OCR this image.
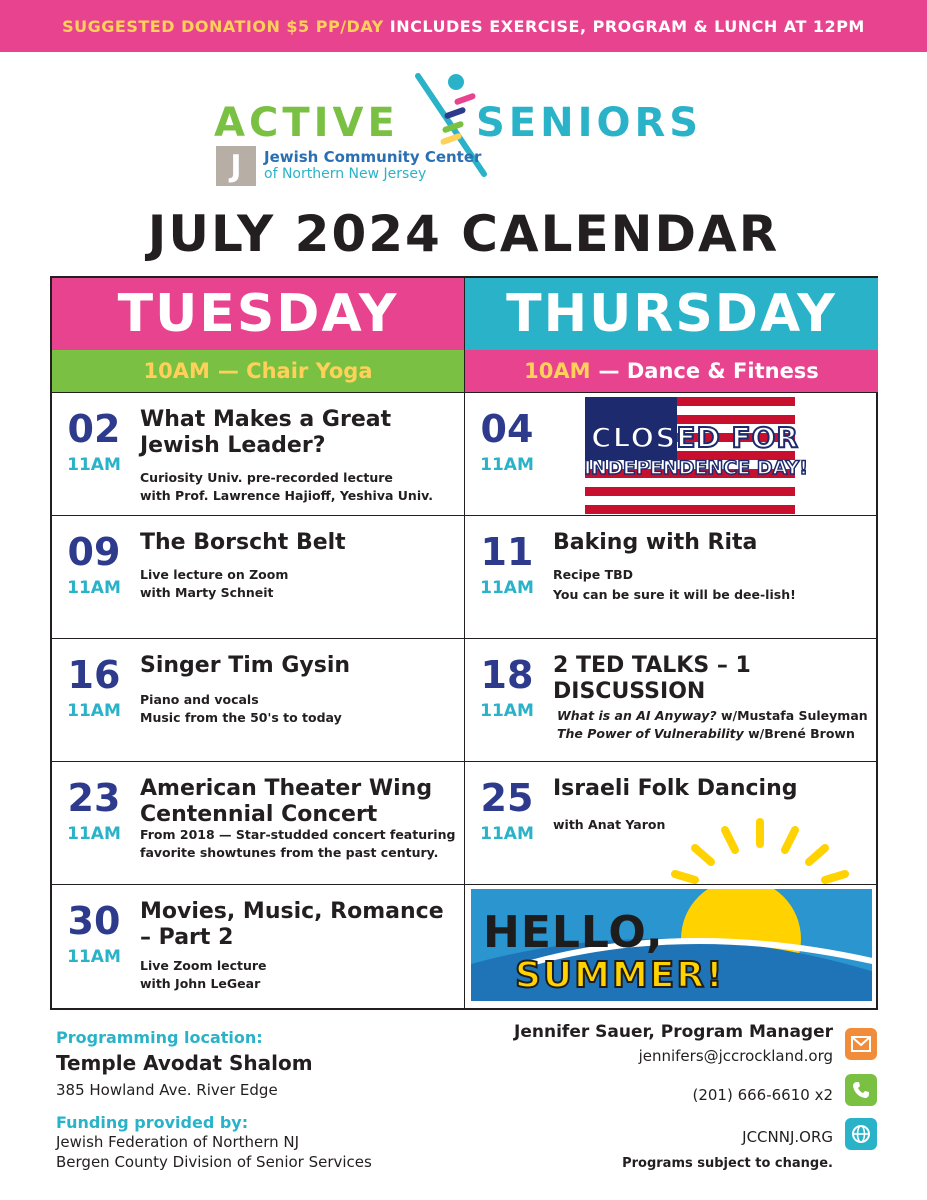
SUGGESTED DONATION $5 PP/DAY INCLUDES EXERCISE, PROGRAM & LUNCH AT 12PM
ACTIVE SENIORS
J	Jewish Community Center
of Northern New Jersey
JULY 2024 CALENDAR
TUESDAY
10AM — Chair Yoga
02
11AM
What Makes a Great Jewish Leader?
Curiosity Univ. pre-recorded lecture
with Prof. Lawrence Hajioff, Yeshiva Univ.
09
11AM
The Borscht Belt
Live lecture on Zoom
with Marty Schneit
16
11AM
Singer Tim Gysin
Piano and vocals
Music from the 50's to today
23
11AM
American Theater Wing Centennial Concert
From 2018 — Star-studded concert featuring
favorite showtunes from the past century.
30
11AM
Movies, Music, Romance – Part 2
Live Zoom lecture
with John LeGear
THURSDAY
10AM — Dance & Fitness
04
11AM
CLOSED FOR
INDEPENDENCE DAY!
11
11AM
Baking with Rita
Recipe TBD
You can be sure it will be dee-lish!
18
11AM
2 TED TALKS – 1 DISCUSSION
What is an AI Anyway? w/Mustafa Suleyman
The Power of Vulnerability w/Brené Brown
25
11AM
Israeli Folk Dancing
with Anat Yaron
HELLO,
SUMMER!
Programming location:
Temple Avodat Shalom
385 Howland Ave. River Edge
Funding provided by:
Jewish Federation of Northern NJ
Bergen County Division of Senior Services
Jennifer Sauer, Program Manager
jennifers@jccrockland.org
(201) 666-6610 x2
JCCNNJ.ORG
Programs subject to change.
